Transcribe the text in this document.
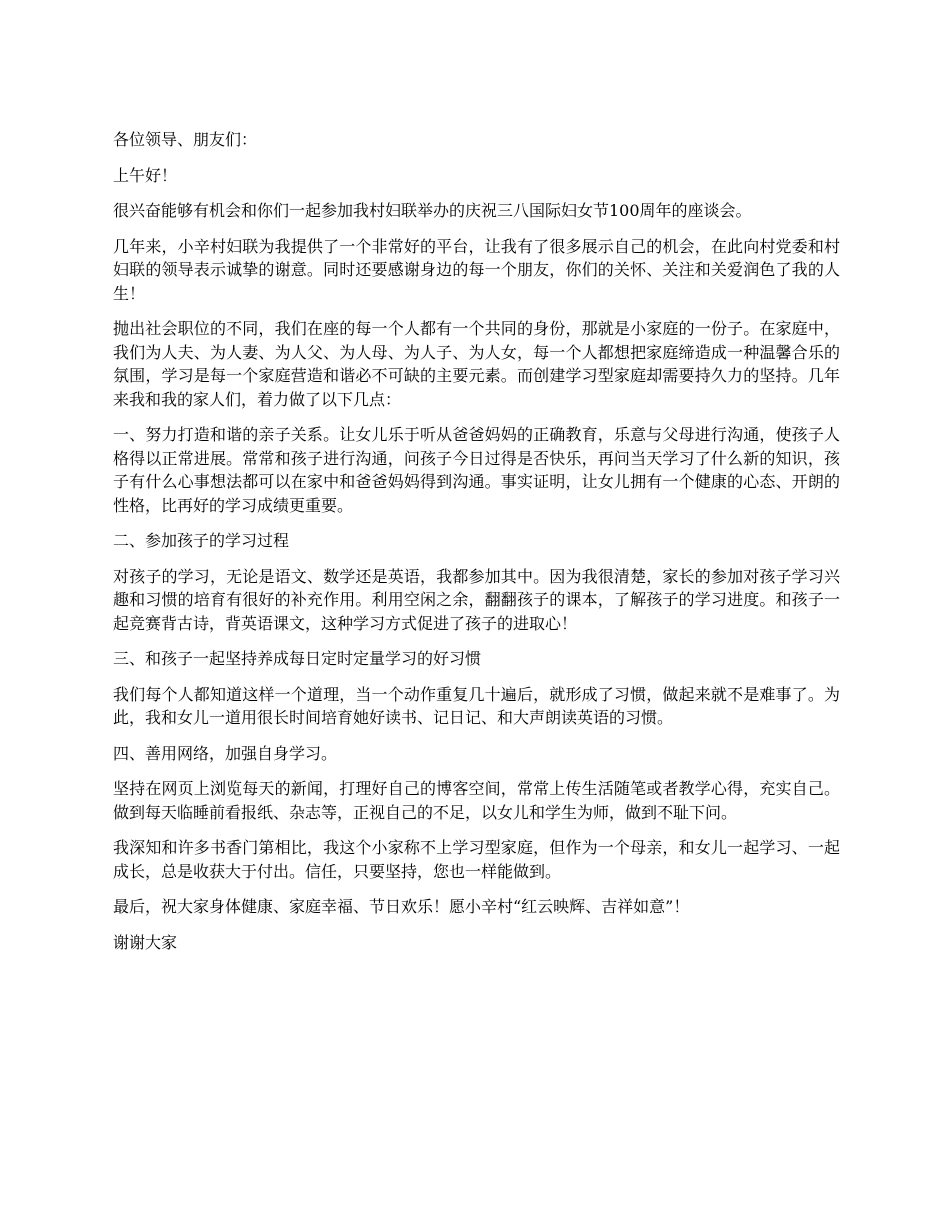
各位领导、朋友们：

上午好！

很兴奋能够有机会和你们一起参加我村妇联举办的庆祝三八国际妇女节100周年的座谈会。

几年来，小辛村妇联为我提供了一个非常好的平台，让我有了很多展示自己的机会，在此向村党委和村妇联的领导表示诚挚的谢意。同时还要感谢身边的每一个朋友，你们的关怀、关注和关爱润色了我的人生！

抛出社会职位的不同，我们在座的每一个人都有一个共同的身份，那就是小家庭的一份子。在家庭中，我们为人夫、为人妻、为人父、为人母、为人子、为人女，每一个人都想把家庭缔造成一种温馨合乐的氛围，学习是每一个家庭营造和谐必不可缺的主要元素。而创建学习型家庭却需要持久力的坚持。几年来我和我的家人们，着力做了以下几点：

一、努力打造和谐的亲子关系。让女儿乐于听从爸爸妈妈的正确教育，乐意与父母进行沟通，使孩子人格得以正常进展。常常和孩子进行沟通，问孩子今日过得是否快乐，再问当天学习了什么新的知识，孩子有什么心事想法都可以在家中和爸爸妈妈得到沟通。事实证明，让女儿拥有一个健康的心态、开朗的性格，比再好的学习成绩更重要。

二、参加孩子的学习过程

对孩子的学习，无论是语文、数学还是英语，我都参加其中。因为我很清楚，家长的参加对孩子学习兴趣和习惯的培育有很好的补充作用。利用空闲之余，翻翻孩子的课本，了解孩子的学习进度。和孩子一起竞赛背古诗，背英语课文，这种学习方式促进了孩子的进取心！

三、和孩子一起坚持养成每日定时定量学习的好习惯

我们每个人都知道这样一个道理，当一个动作重复几十遍后，就形成了习惯，做起来就不是难事了。为此，我和女儿一道用很长时间培育她好读书、记日记、和大声朗读英语的习惯。

四、善用网络，加强自身学习。

坚持在网页上浏览每天的新闻，打理好自己的博客空间，常常上传生活随笔或者教学心得，充实自己。做到每天临睡前看报纸、杂志等，正视自己的不足，以女儿和学生为师，做到不耻下问。

我深知和许多书香门第相比，我这个小家称不上学习型家庭，但作为一个母亲，和女儿一起学习、一起成长，总是收获大于付出。信任，只要坚持，您也一样能做到。

最后，祝大家身体健康、家庭幸福、节日欢乐！愿小辛村“红云映辉、吉祥如意”！

谢谢大家
